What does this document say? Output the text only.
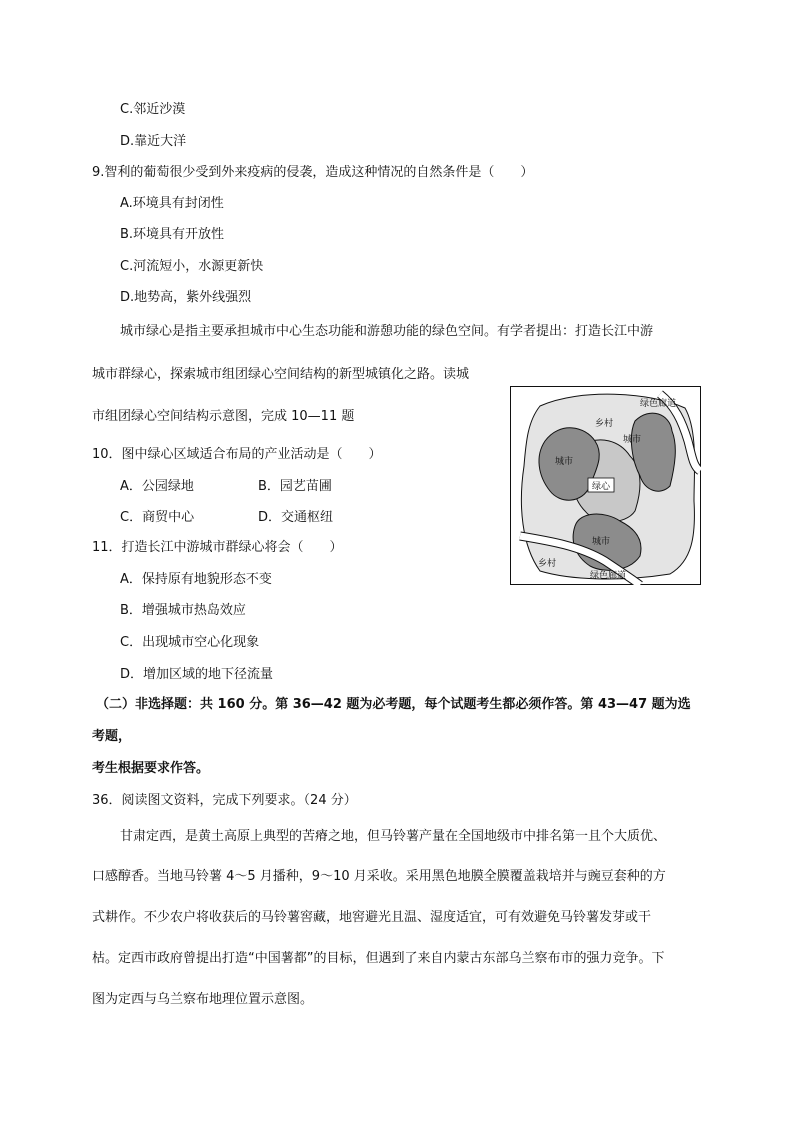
C.邻近沙漠
D.靠近大洋
9.智利的葡萄很少受到外来疫病的侵袭，造成这种情况的自然条件是（　　）
A.环境具有封闭性
B.环境具有开放性
C.河流短小，水源更新快
D.地势高，紫外线强烈
城市绿心是指主要承担城市中心生态功能和游憩功能的绿色空间。有学者提出：打造长江中游
城市群绿心，探索城市组团绿心空间结构的新型城镇化之路。读城
市组团绿心空间结构示意图，完成 10—11 题
10．图中绿心区域适合布局的产业活动是（　　）
A．公园绿地	B．园艺苗圃
C．商贸中心	D．交通枢纽
11．打造长江中游城市群绿心将会（　　）
A．保持原有地貌形态不变
B．增强城市热岛效应
C．出现城市空心化现象
D．增加区域的地下径流量
（二）非选择题：共 160 分。第 36—42 题为必考题，每个试题考生都必须作答。第 43—47 题为选
考题，
考生根据要求作答。
36．阅读图文资料，完成下列要求。（24 分）
甘肃定西，是黄土高原上典型的苦瘠之地，但马铃薯产量在全国地级市中排名第一且个大质优、
口感醇香。当地马铃薯 4～5 月播种，9～10 月采收。采用黑色地膜全膜覆盖栽培并与豌豆套种的方
式耕作。不少农户将收获后的马铃薯窖藏，地窖避光且温、湿度适宜，可有效避免马铃薯发芽或干
枯。定西市政府曾提出打造“中国薯都”的目标，但遇到了来自内蒙古东部乌兰察布市的强力竞争。下
图为定西与乌兰察布地理位置示意图。
绿色廊道
乡村
城市
城市
绿心
城市
乡村
绿色廊道
